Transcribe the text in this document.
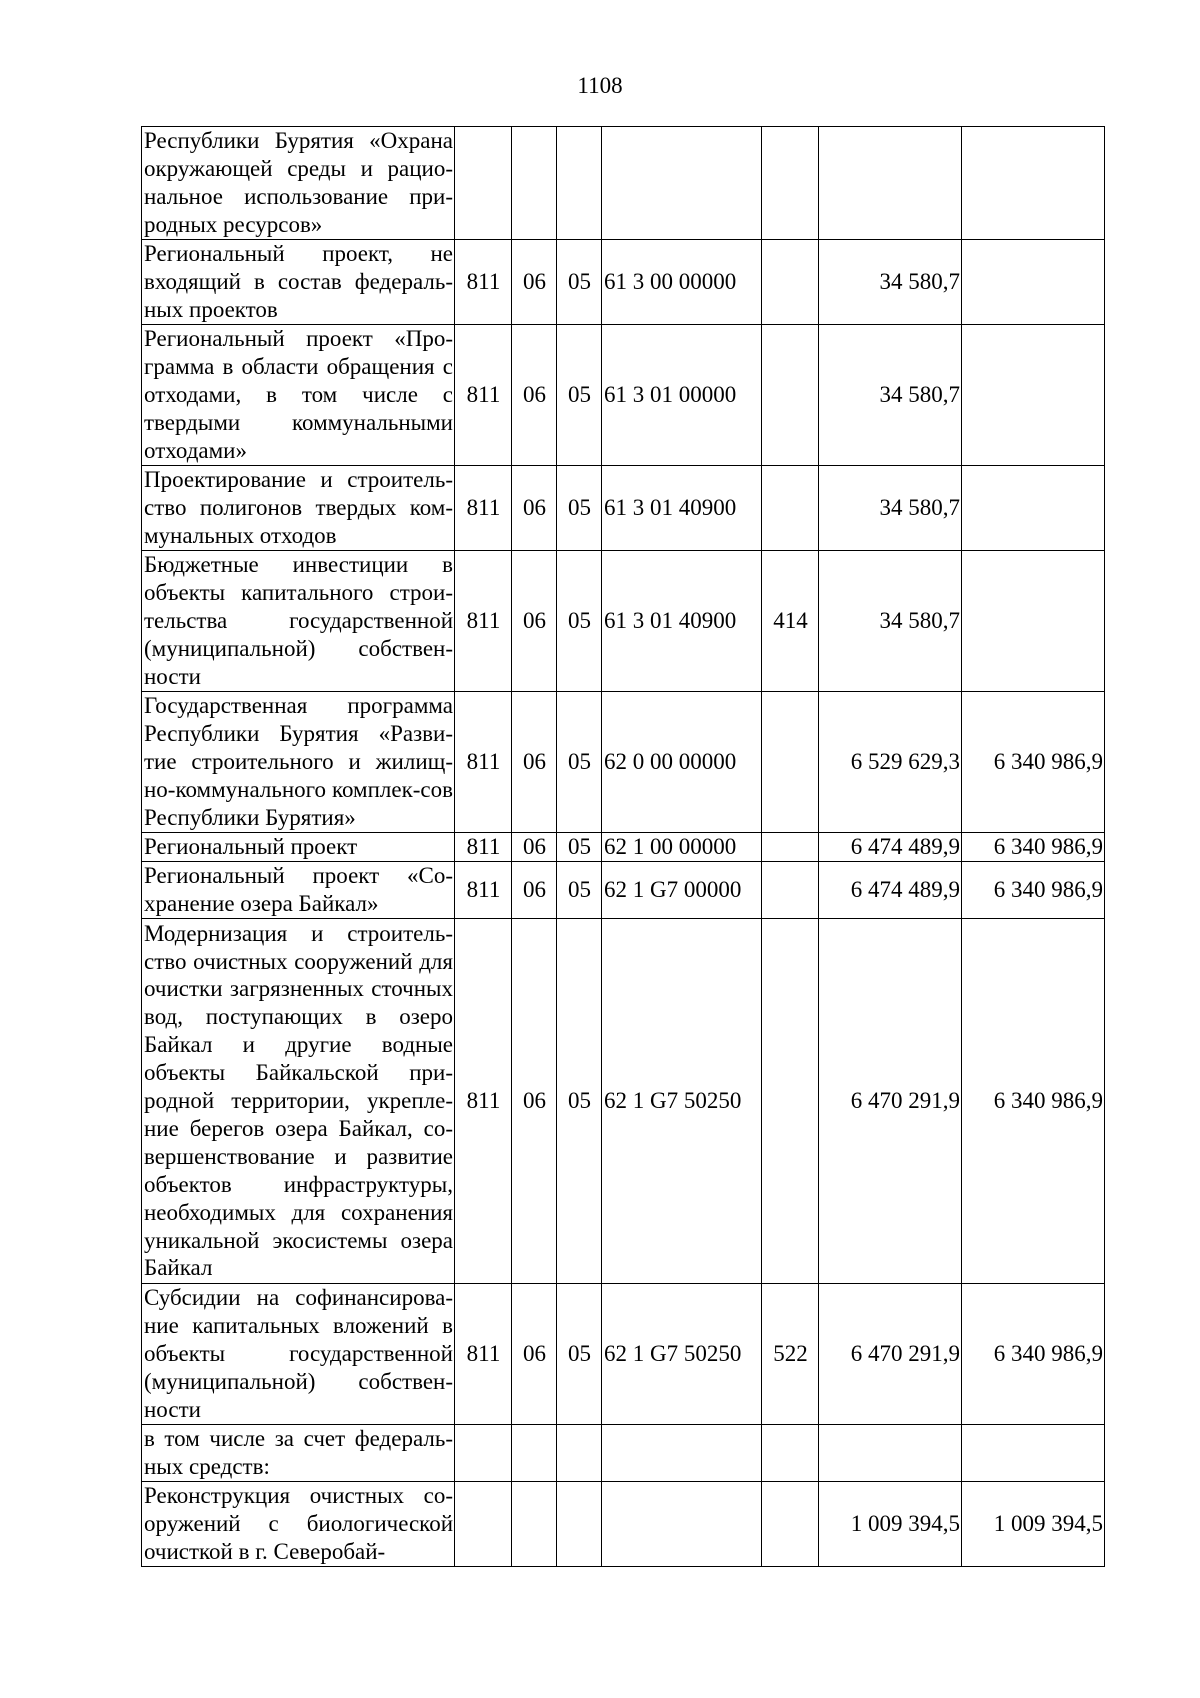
1108
Республики Бурятия «Охрана окружающей среды и рацио-нальное использование при-родных ресурсов»							
Региональный проект, не входящий в состав федераль-ных проектов	811	06	05	61 3 00 00000		34 580,7	
Региональный проект «Про-грамма в области обращения с отходами, в том числе с твердыми коммунальными отходами»	811	06	05	61 3 01 00000		34 580,7	
Проектирование и строитель-ство полигонов твердых ком-мунальных отходов	811	06	05	61 3 01 40900		34 580,7	
Бюджетные инвестиции в объекты капитального строи-тельства государственной (муниципальной) собствен-ности	811	06	05	61 3 01 40900	414	34 580,7	
Государственная программа Республики Бурятия «Разви-тие строительного и жилищ-но-коммунального комплек-сов Республики Бурятия»	811	06	05	62 0 00 00000		6 529 629,3	6 340 986,9
Региональный проект	811	06	05	62 1 00 00000		6 474 489,9	6 340 986,9
Региональный проект «Со-хранение озера Байкал»	811	06	05	62 1 G7 00000		6 474 489,9	6 340 986,9
Модернизация и строитель-ство очистных сооружений для очистки загрязненных сточных вод, поступающих в озеро Байкал и другие водные объекты Байкальской при-родной территории, укрепле-ние берегов озера Байкал, со-вершенствование и развитие объектов инфраструктуры, необходимых для сохранения уникальной экосистемы озера Байкал	811	06	05	62 1 G7 50250		6 470 291,9	6 340 986,9
Субсидии на софинансирова-ние капитальных вложений в объекты государственной (муниципальной) собствен-ности	811	06	05	62 1 G7 50250	522	6 470 291,9	6 340 986,9
в том числе за счет федераль-ных средств:							
Реконструкция очистных со-оружений с биологической очисткой в г. Северобай-						1 009 394,5	1 009 394,5
